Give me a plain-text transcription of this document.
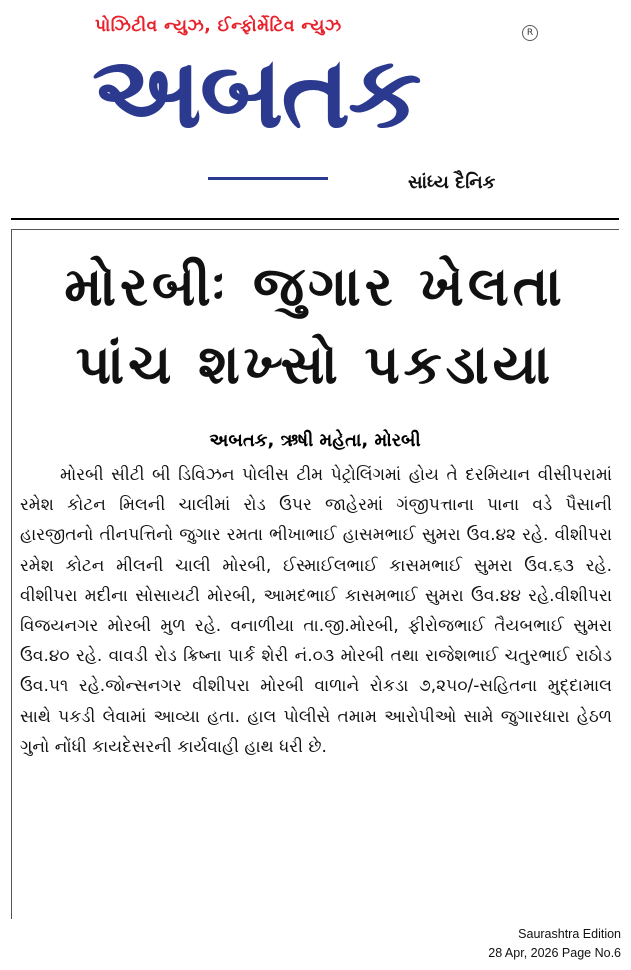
પોઝિટીવ ન્યુઝ, ઈન્ફોર્મેટિવ ન્યુઝ	R
અબતક
સાંધ્ય દૈનિક
મોરબીઃ જુગાર ખેલતા પાંચ શખ્સો પકડાયા
અબતક, ઋષી મહેતા, મોરબી
મોરબી સીટી બી ડિવિઝન પોલીસ ટીમ પેટ્રોલિંગમાં હોય તે દરમિયાન વીસીપરામાં રમેશ કોટન મિલની ચાલીમાં રોડ ઉપર જાહેરમાં ગંજીપત્તાના પાના વડે પૈસાની હારજીતનો તીનપત્તિનો જુગાર રમતા ભીખાભાઈ હાસમભાઈ સુમરા ઉવ.૪૨ રહે. વીશીપરા રમેશ કોટન મીલની ચાલી મોરબી, ઈસ્માઈલભાઈ કાસમભાઈ સુમરા ઉવ.૬૩ રહે. વીશીપરા મદીના સોસાયટી મોરબી, આમદભાઈ કાસમભાઈ સુમરા ઉવ.૪૪ રહે.વીશીપરા વિજયનગર મોરબી મુળ રહે. વનાળીયા તા.જી.મોરબી, ફીરોજભાઈ તૈયબભાઈ સુમરા ઉવ.૪૦ રહે. વાવડી રોડ ક્રિષ્ના પાર્ક શેરી નં.૦૩ મોરબી તથા રાજેશભાઈ ચતુરભાઈ રાઠોડ ઉવ.૫૧ રહે.જોન્સનગર વીશીપરા મોરબી વાળાને રોકડા ૭,૨૫૦/-સહિતના મુદ્દામાલ સાથે પકડી લેવામાં આવ્યા હતા. હાલ પોલીસે તમામ આરોપીઓ સામે જુગારધારા હેઠળ ગુનો નોંધી કાયદેસરની કાર્યવાહી હાથ ધરી છે.
Saurashtra Edition
28 Apr, 2026 Page No.6
